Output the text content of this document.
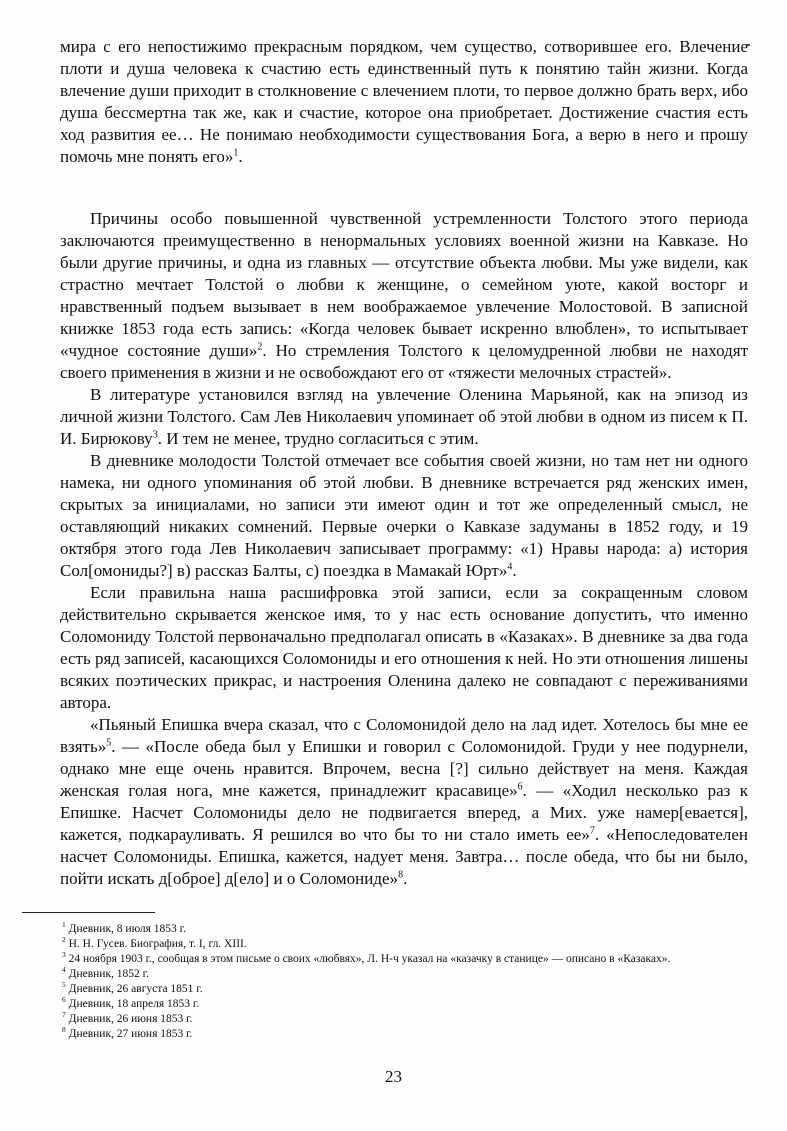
мира с его непостижимо прекрасным порядком, чем существо, сотворившее его. Влечение плоти и душа человека к счастию есть единственный путь к понятию тайн жизни. Когда влечение души приходит в столкновение с влечением плоти, то первое должно брать верх, ибо душа бессмертна так же, как и счастие, которое она приобретает. Достижение счастия есть ход развития ее… Не понимаю необходимости существования Бога, а верю в него и прошу помочь мне понять его»$^1$.

Причины особо повышенной чувственной устремленности Толстого этого периода заключаются преимущественно в ненормальных условиях военной жизни на Кавказе. Но были другие причины, и одна из главных — отсутствие объекта любви. Мы уже видели, как страстно мечтает Толстой о любви к женщине, о семейном уюте, какой восторг и нравственный подъем вызывает в нем воображаемое увлечение Молостовой. В записной книжке 1853 года есть запись: «Когда человек бывает искренно влюблен», то испытывает «чудное состояние души»$^2$. Но стремления Толстого к целомудренной любви не находят своего применения в жизни и не освобождают его от «тяжести мелочных страстей».

В литературе установился взгляд на увлечение Оленина Марьяной, как на эпизод из личной жизни Толстого. Сам Лев Николаевич упоминает об этой любви в одном из писем к П. И. Бирюкову$^3$. И тем не менее, трудно согласиться с этим.

В дневнике молодости Толстой отмечает все события своей жизни, но там нет ни одного намека, ни одного упоминания об этой любви. В дневнике встречается ряд женских имен, скрытых за инициалами, но записи эти имеют один и тот же определенный смысл, не оставляющий никаких сомнений. Первые очерки о Кавказе задуманы в 1852 году, и 19 октября этого года Лев Николаевич записывает программу: «1) Нравы народа: а) история Сол[омониды?] в) рассказ Балты, с) поездка в Мамакай Юрт»$^4$.

Если правильна наша расшифровка этой записи, если за сокращенным словом действительно скрывается женское имя, то у нас есть основание допустить, что именно Соломониду Толстой первоначально предполагал описать в «Казаках». В дневнике за два года есть ряд записей, касающихся Соломониды и его отношения к ней. Но эти отношения лишены всяких поэтических прикрас, и настроения Оленина далеко не совпадают с переживаниями автора.

«Пьяный Епишка вчера сказал, что с Соломонидой дело на лад идет. Хотелось бы мне ее взять»$^5$. — «После обеда был у Епишки и говорил с Соломонидой. Груди у нее подурнели, однако мне еще очень нравится. Впрочем, весна [?] сильно действует на меня. Каждая женская голая нога, мне кажется, принадлежит красавице»$^6$. — «Ходил несколько раз к Епишке. Насчет Соломониды дело не подвигается вперед, а Мих. уже намер[евается], кажется, подкарауливать. Я решился во что бы то ни стало иметь ее»$^7$. «Непоследователен насчет Соломониды. Епишка, кажется, надует меня. Завтра… после обеда, что бы ни было, пойти искать д[оброе] д[ело] и о Соломониде»$^8$.

$^1$ Дневник, 8 июля 1853 г.

$^2$ Н. Н. Гусев. Биография, т. I, гл. XIII.

$^3$ 24 ноября 1903 г., сообщая в этом письме о своих «любвях», Л. Н-ч указал на «казачку в станице» — описано в «Казаках».

$^4$ Дневник, 1852 г.

$^5$ Дневник, 26 августа 1851 г.

$^6$ Дневник, 18 апреля 1853 г.

$^7$ Дневник, 26 июня 1853 г.

$^8$ Дневник, 27 июня 1853 г.

23
